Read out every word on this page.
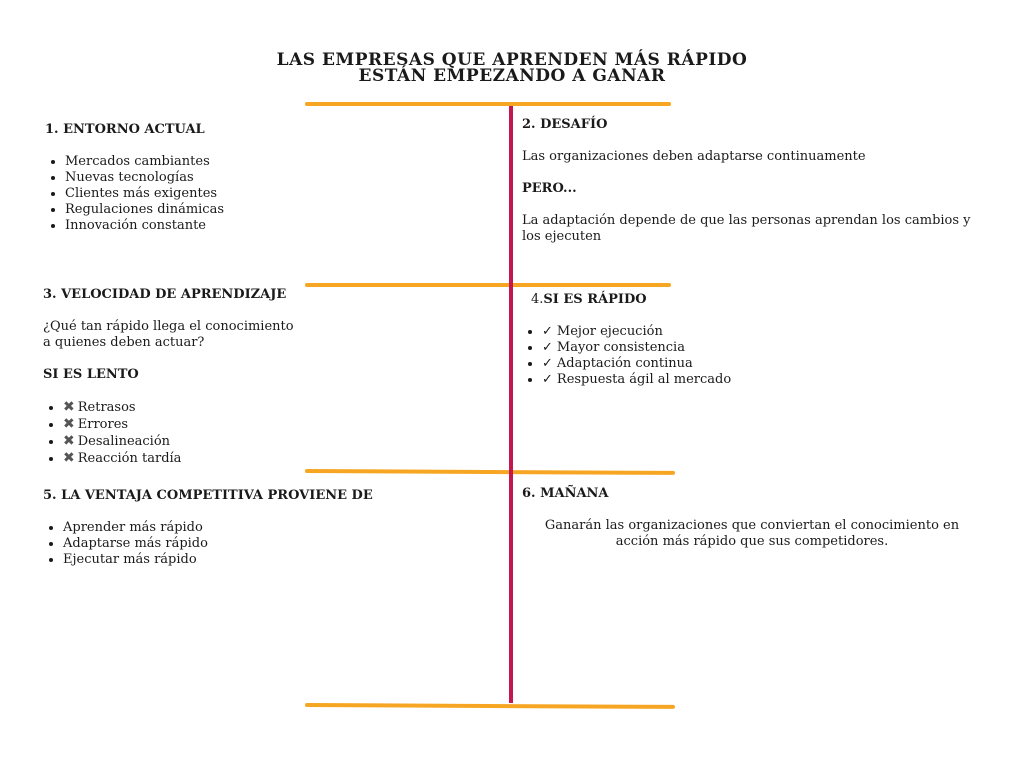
LAS EMPRESAS QUE APRENDEN MÁS RÁPIDO
ESTÁN EMPEZANDO A GANAR
1. ENTORNO ACTUAL
• Mercados cambiantes
• Nuevas tecnologías
• Clientes más exigentes
• Regulaciones dinámicas
• Innovación constante
2. DESAFÍO

Las organizaciones deben adaptarse continuamente

PERO...

La adaptación depende de que las personas aprendan los cambios y los ejecuten

3. VELOCIDAD DE APRENDIZAJE

¿Qué tan rápido llega el conocimiento

a quienes deben actuar?

SI ES LENTO
• ✖ Retrasos
• ✖ Errores
• ✖ Desalineación
• ✖ Reacción tardía
4.SI ES RÁPIDO
✓ • Mejor ejecución
✓ • Mayor consistencia
✓ • Adaptación continua
✓ • Respuesta ágil al mercado
5. LA VENTAJA COMPETITIVA PROVIENE DE
• Aprender más rápido
• Adaptarse más rápido
• Ejecutar más rápido
6. MAÑANA

Ganarán las organizaciones que conviertan el conocimiento en acción más rápido que sus competidores.
